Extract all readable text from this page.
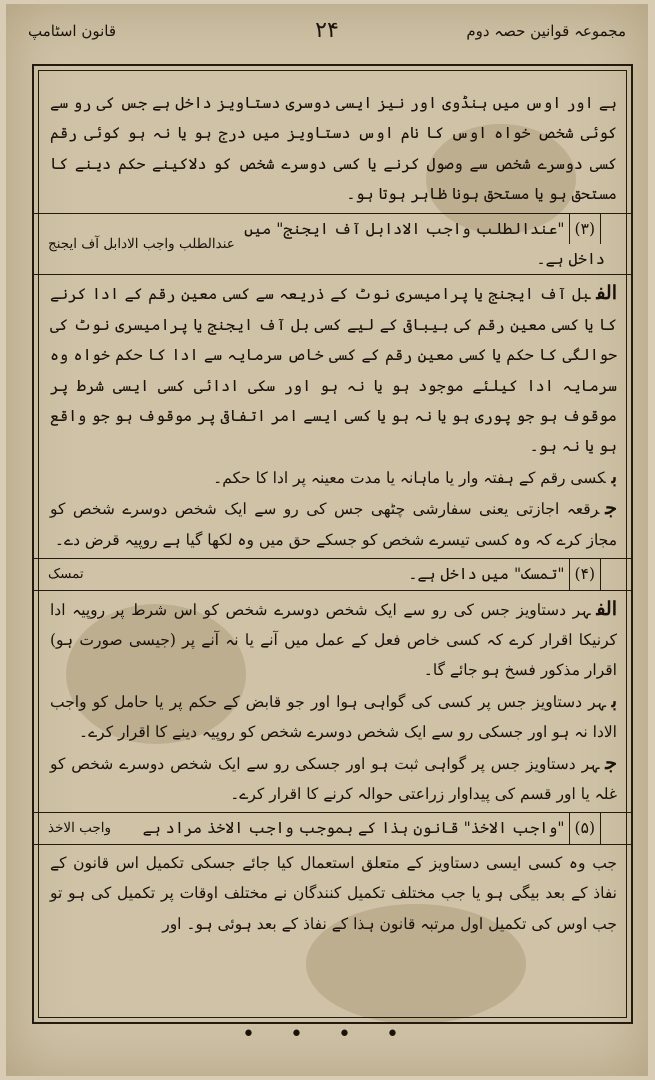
مجموعہ قوانین حصہ دوم
۲۴
قانون اسٹامپ

ہے اور اوس میں ہنڈوی اور نیز ایسی دوسری دستاویز داخل ہے جس کی رو سے کوئی شخص خواہ اوس کا نام اوس دستاویز میں درج ہو یا نہ ہو کوئی رقم کسی دوسرے شخص سے وصول کرنے یا کسی دوسرے شخص کو دلاکینے حکم دینے کا مستحق ہو یا مستحق ہونا ظاہر ہوتا ہو۔

(۳)"عندالطلب واجب الادابل آف ایجنج" میں داخل ہے۔
عندالطلب واجب الادابل آف ایجنج

الفبل آف ایجنج یا پرامیسری نوٹ کے ذریعہ سے کسی معین رقم کے ادا کرنے کا یا کسی معین رقم کی بیباقی کے لیے کسی بل آف ایجنج یا پرامیسری نوٹ کی حوالگی کا حکم یا کسی معین رقم کے کسی خاص سرمایہ سے ادا کا حکم خواہ وہ سرمایہ ادا کیلئے موجود ہو یا نہ ہو اور سکی ادائی کسی ایسی شرط پر موقوف ہو جو پوری ہو یا نہ ہو یا کسی ایسے امر اتفاقی پر موقوف ہو جو واقع ہو یا نہ ہو۔

بکسی رقم کے ہفتہ وار یا ماہانہ یا مدت معینہ پر ادا کا حکم۔

جرقعہ اجازتی یعنی سفارشی چٹھی جس کی رو سے ایک شخص دوسرے شخص کو مجاز کرے کہ وہ کسی تیسرے شخص کو جسکے حق میں وہ لکھا گیا ہے روپیہ قرض دے۔

(۴)"تمسک" میں داخل ہے۔
تمسک

الفہر دستاویز جس کی رو سے ایک شخص دوسرے شخص کو اس شرط پر روپیہ ادا کرنیکا اقرار کرے کہ کسی خاص فعل کے عمل میں آنے یا نہ آنے پر (جیسی صورت ہو) اقرار مذکور فسخ ہو جائے گا۔

بہر دستاویز جس پر کسی کی گواہی ہوا اور جو قابض کے حکم پر یا حامل کو واجب الادا نہ ہو اور جسکی رو سے ایک شخص دوسرے شخص کو روپیہ دینے کا اقرار کرے۔

جہر دستاویز جس پر گواہی ثبت ہو اور جسکی رو سے ایک شخص دوسرے شخص کو غلہ یا اور قسم کی پیداوار زراعتی حوالہ کرنے کا اقرار کرے۔

(۵)"واجب الاخذ" قانون ہذا کے بموجب واجب الاخذ مراد ہے
واجب الاخذ

جب وہ کسی ایسی دستاویز کے متعلق استعمال کیا جائے جسکی تکمیل اس قانون کے نفاذ کے بعد بیگی ہو یا جب مختلف تکمیل کنندگان نے مختلف اوقات پر تکمیل کی ہو تو جب اوس کی تکمیل اول مرتبہ قانون ہذا کے نفاذ کے بعد ہوئی ہو۔ اور

• • • •
